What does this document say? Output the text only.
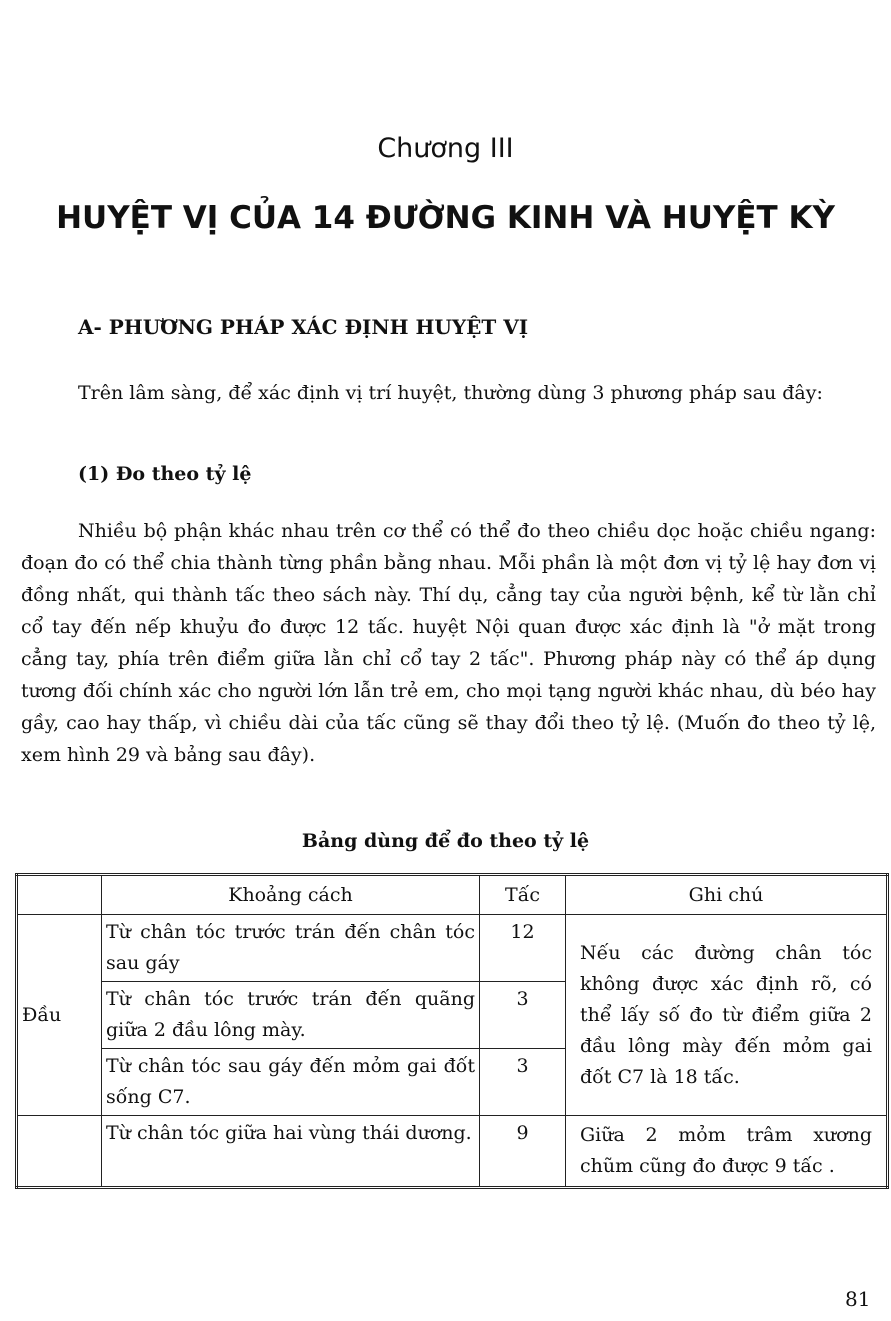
Chương III
HUYỆT VỊ CỦA 14 ĐƯỜNG KINH VÀ HUYỆT KỲ
A- PHƯƠNG PHÁP XÁC ĐỊNH HUYỆT VỊ

Trên lâm sàng, để xác định vị trí huyệt, thường dùng 3 phương pháp sau đây:

(1) Đo theo tỷ lệ

Nhiều bộ phận khác nhau trên cơ thể có thể đo theo chiều dọc hoặc chiều ngang: đoạn đo có thể chia thành từng phần bằng nhau. Mỗi phần là một đơn vị tỷ lệ hay đơn vị đồng nhất, qui thành tấc theo sách này. Thí dụ, cẳng tay của người bệnh, kể từ lằn chỉ cổ tay đến nếp khuỷu đo được 12 tấc. huyệt Nội quan được xác định là "ở mặt trong cẳng tay, phía trên điểm giữa lằn chỉ cổ tay 2 tấc". Phương pháp này có thể áp dụng tương đối chính xác cho người lớn lẫn trẻ em, cho mọi tạng người khác nhau, dù béo hay gầy, cao hay thấp, vì chiều dài của tấc cũng sẽ thay đổi theo tỷ lệ. (Muốn đo theo tỷ lệ, xem hình 29 và bảng sau đây).

Bảng dùng để đo theo tỷ lệ
	Khoảng cách	Tấc	Ghi chú
Đầu	Từ chân tóc trước trán đến chân tóc sau gáy	12	Nếu các đường chân tóc không được xác định rõ, có thể lấy số đo từ điểm giữa 2 đầu lông mày đến mỏm gai đốt C7 là 18 tấc.
	Từ chân tóc trước trán đến quãng giữa 2 đầu lông mày.	3	
	Từ chân tóc sau gáy đến mỏm gai đốt sống C7.	3	
	Từ chân tóc giữa hai vùng thái dương.	9	Giữa 2 mỏm trâm xương chũm cũng đo được 9 tấc .
81
